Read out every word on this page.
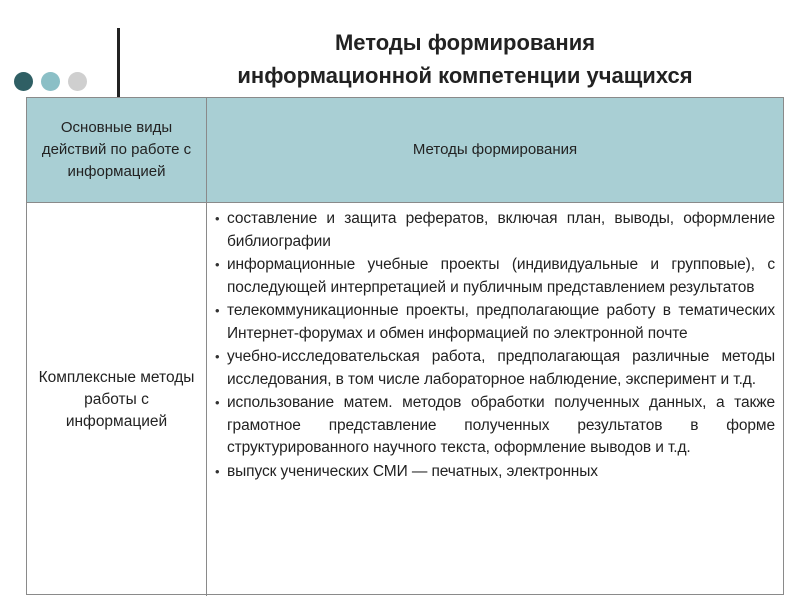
Методы формирования
информационной компетенции учащихся
Основные виды действий по работе с информацией
Методы формирования
Комплексные методы работы с информацией
• составление и защита рефератов, включая план, выводы, оформление библиографии
• информационные учебные проекты (индивидуальные и групповые), с последующей интерпретацией и публичным представлением результатов
• телекоммуникационные проекты, предполагающие работу в тематических Интернет-форумах и обмен информацией по электронной почте
• учебно-исследовательская работа, предполагающая различные методы исследования, в том числе лабораторное наблюдение, эксперимент и т.д.
• использование матем. методов обработки полученных данных, а также грамотное представление полученных результатов в форме структурированного научного текста, оформление выводов и т.д.
• выпуск ученических СМИ — печатных, электронных
